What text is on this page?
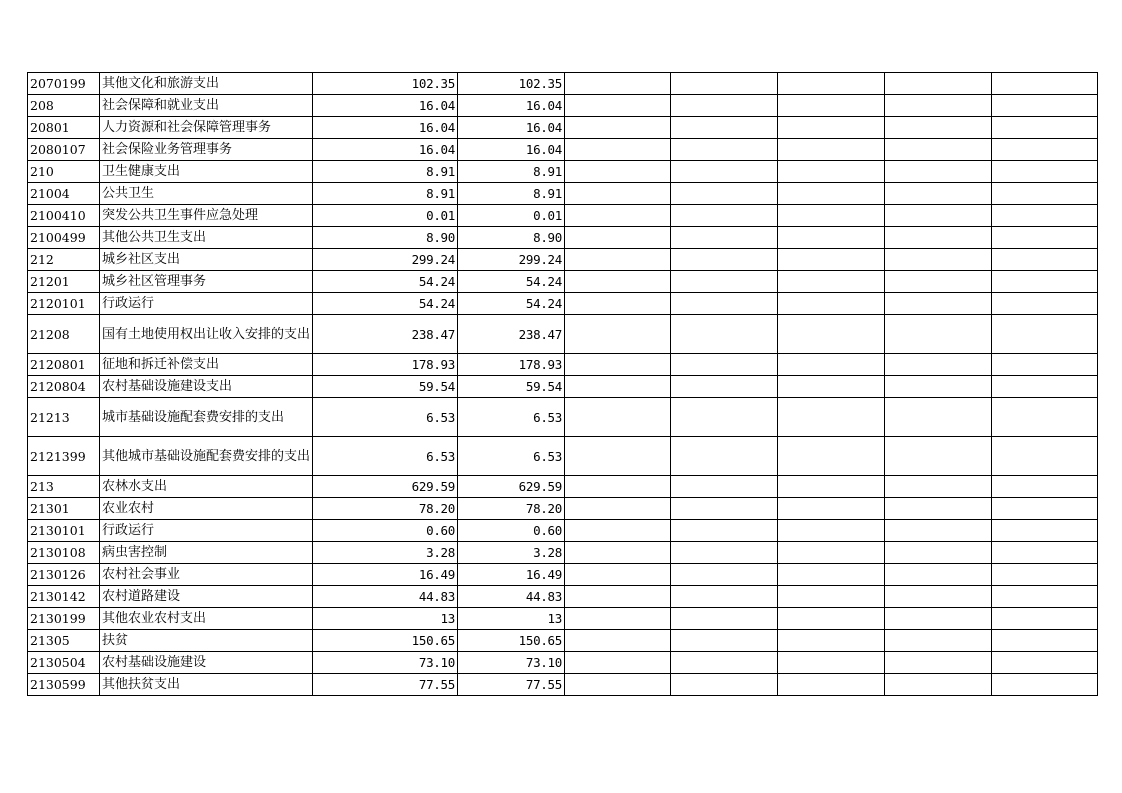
2070199	其他文化和旅游支出	102.35	102.35					
208	社会保障和就业支出	16.04	16.04					
20801	人力资源和社会保障管理事务	16.04	16.04					
2080107	社会保险业务管理事务	16.04	16.04					
210	卫生健康支出	8.91	8.91					
21004	公共卫生	8.91	8.91					
2100410	突发公共卫生事件应急处理	0.01	0.01					
2100499	其他公共卫生支出	8.90	8.90					
212	城乡社区支出	299.24	299.24					
21201	城乡社区管理事务	54.24	54.24					
2120101	行政运行	54.24	54.24					
21208	国有土地使用权出让收入安排的支出	238.47	238.47					
2120801	征地和拆迁补偿支出	178.93	178.93					
2120804	农村基础设施建设支出	59.54	59.54					
21213	城市基础设施配套费安排的支出	6.53	6.53					
2121399	其他城市基础设施配套费安排的支出	6.53	6.53					
213	农林水支出	629.59	629.59					
21301	农业农村	78.20	78.20					
2130101	行政运行	0.60	0.60					
2130108	病虫害控制	3.28	3.28					
2130126	农村社会事业	16.49	16.49					
2130142	农村道路建设	44.83	44.83					
2130199	其他农业农村支出	13	13					
21305	扶贫	150.65	150.65					
2130504	农村基础设施建设	73.10	73.10					
2130599	其他扶贫支出	77.55	77.55					
